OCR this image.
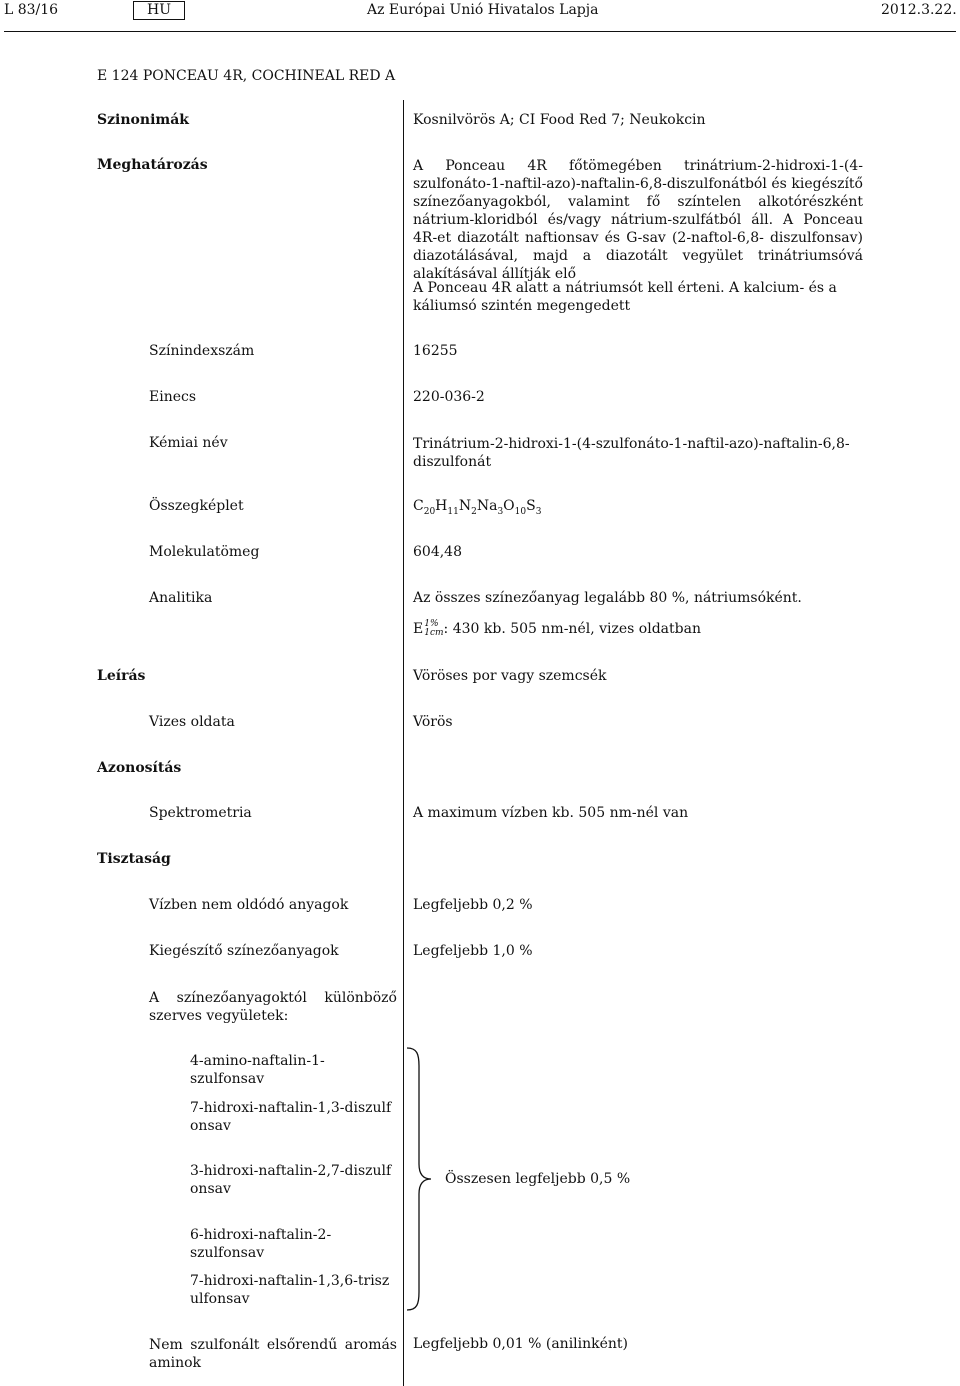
L 83/16	HU	Az Európai Unió Hivatalos Lapja	2012.3.22.
E 124 PONCEAU 4R, COCHINEAL RED A
Szinonimák	Kosnilvörös A; CI Food Red 7; Neukokcin
Meghatározás	A Ponceau 4R főtömegében trinátrium-2-hidroxi-1-(4-szulfonáto-1-naftil-azo)-naftalin-6,8-diszulfonátból és kiegészítő színezőanyagokból, valamint fő színtelen alkotórészként nátrium-kloridból és/vagy nátrium-szulfátból áll. A Ponceau 4R-et diazotált naftionsav és G-sav (2-naftol-6,8- diszulfonsav) diazotálásával, majd a diazotált vegyület trinátriumsóvá alakításával állítják elő
A Ponceau 4R alatt a nátriumsót kell érteni. A kalcium- és a káliumsó szintén megengedett
Színindexszám	16255
Einecs	220-036-2
Kémiai név	Trinátrium-2-hidroxi-1-(4-szulfonáto-1-naftil-azo)-naftalin-6,8-diszulfonát
Összegképlet	$C_{20}H_{11}N_2Na_3O_{10}S_3$
Molekulatömeg	604,48
Analitika	Az összes színezőanyag legalább 80 %, nátriumsóként.
E 1%
1cm : 430 kb. 505 nm-nél, vizes oldatban
Leírás	Vöröses por vagy szemcsék
Vizes oldata	Vörös
Azonosítás
Spektrometria	A maximum vízben kb. 505 nm-nél van
Tisztaság
Vízben nem oldódó anyagok	Legfeljebb 0,2 %
Kiegészítő színezőanyagok	Legfeljebb 1,0 %
A színezőanyagoktól különböző szerves vegyületek:
4-amino-naftalin-1-szulfonsav
7-hidroxi-naftalin-1,3-diszulfonsav
3-hidroxi-naftalin-2,7-diszulfonsav
6-hidroxi-naftalin-2-szulfonsav
7-hidroxi-naftalin-1,3,6-triszulfonsav
Összesen legfeljebb 0,5 %
Nem szulfonált elsőrendű aromás aminok
Legfeljebb 0,01 % (anilinként)
